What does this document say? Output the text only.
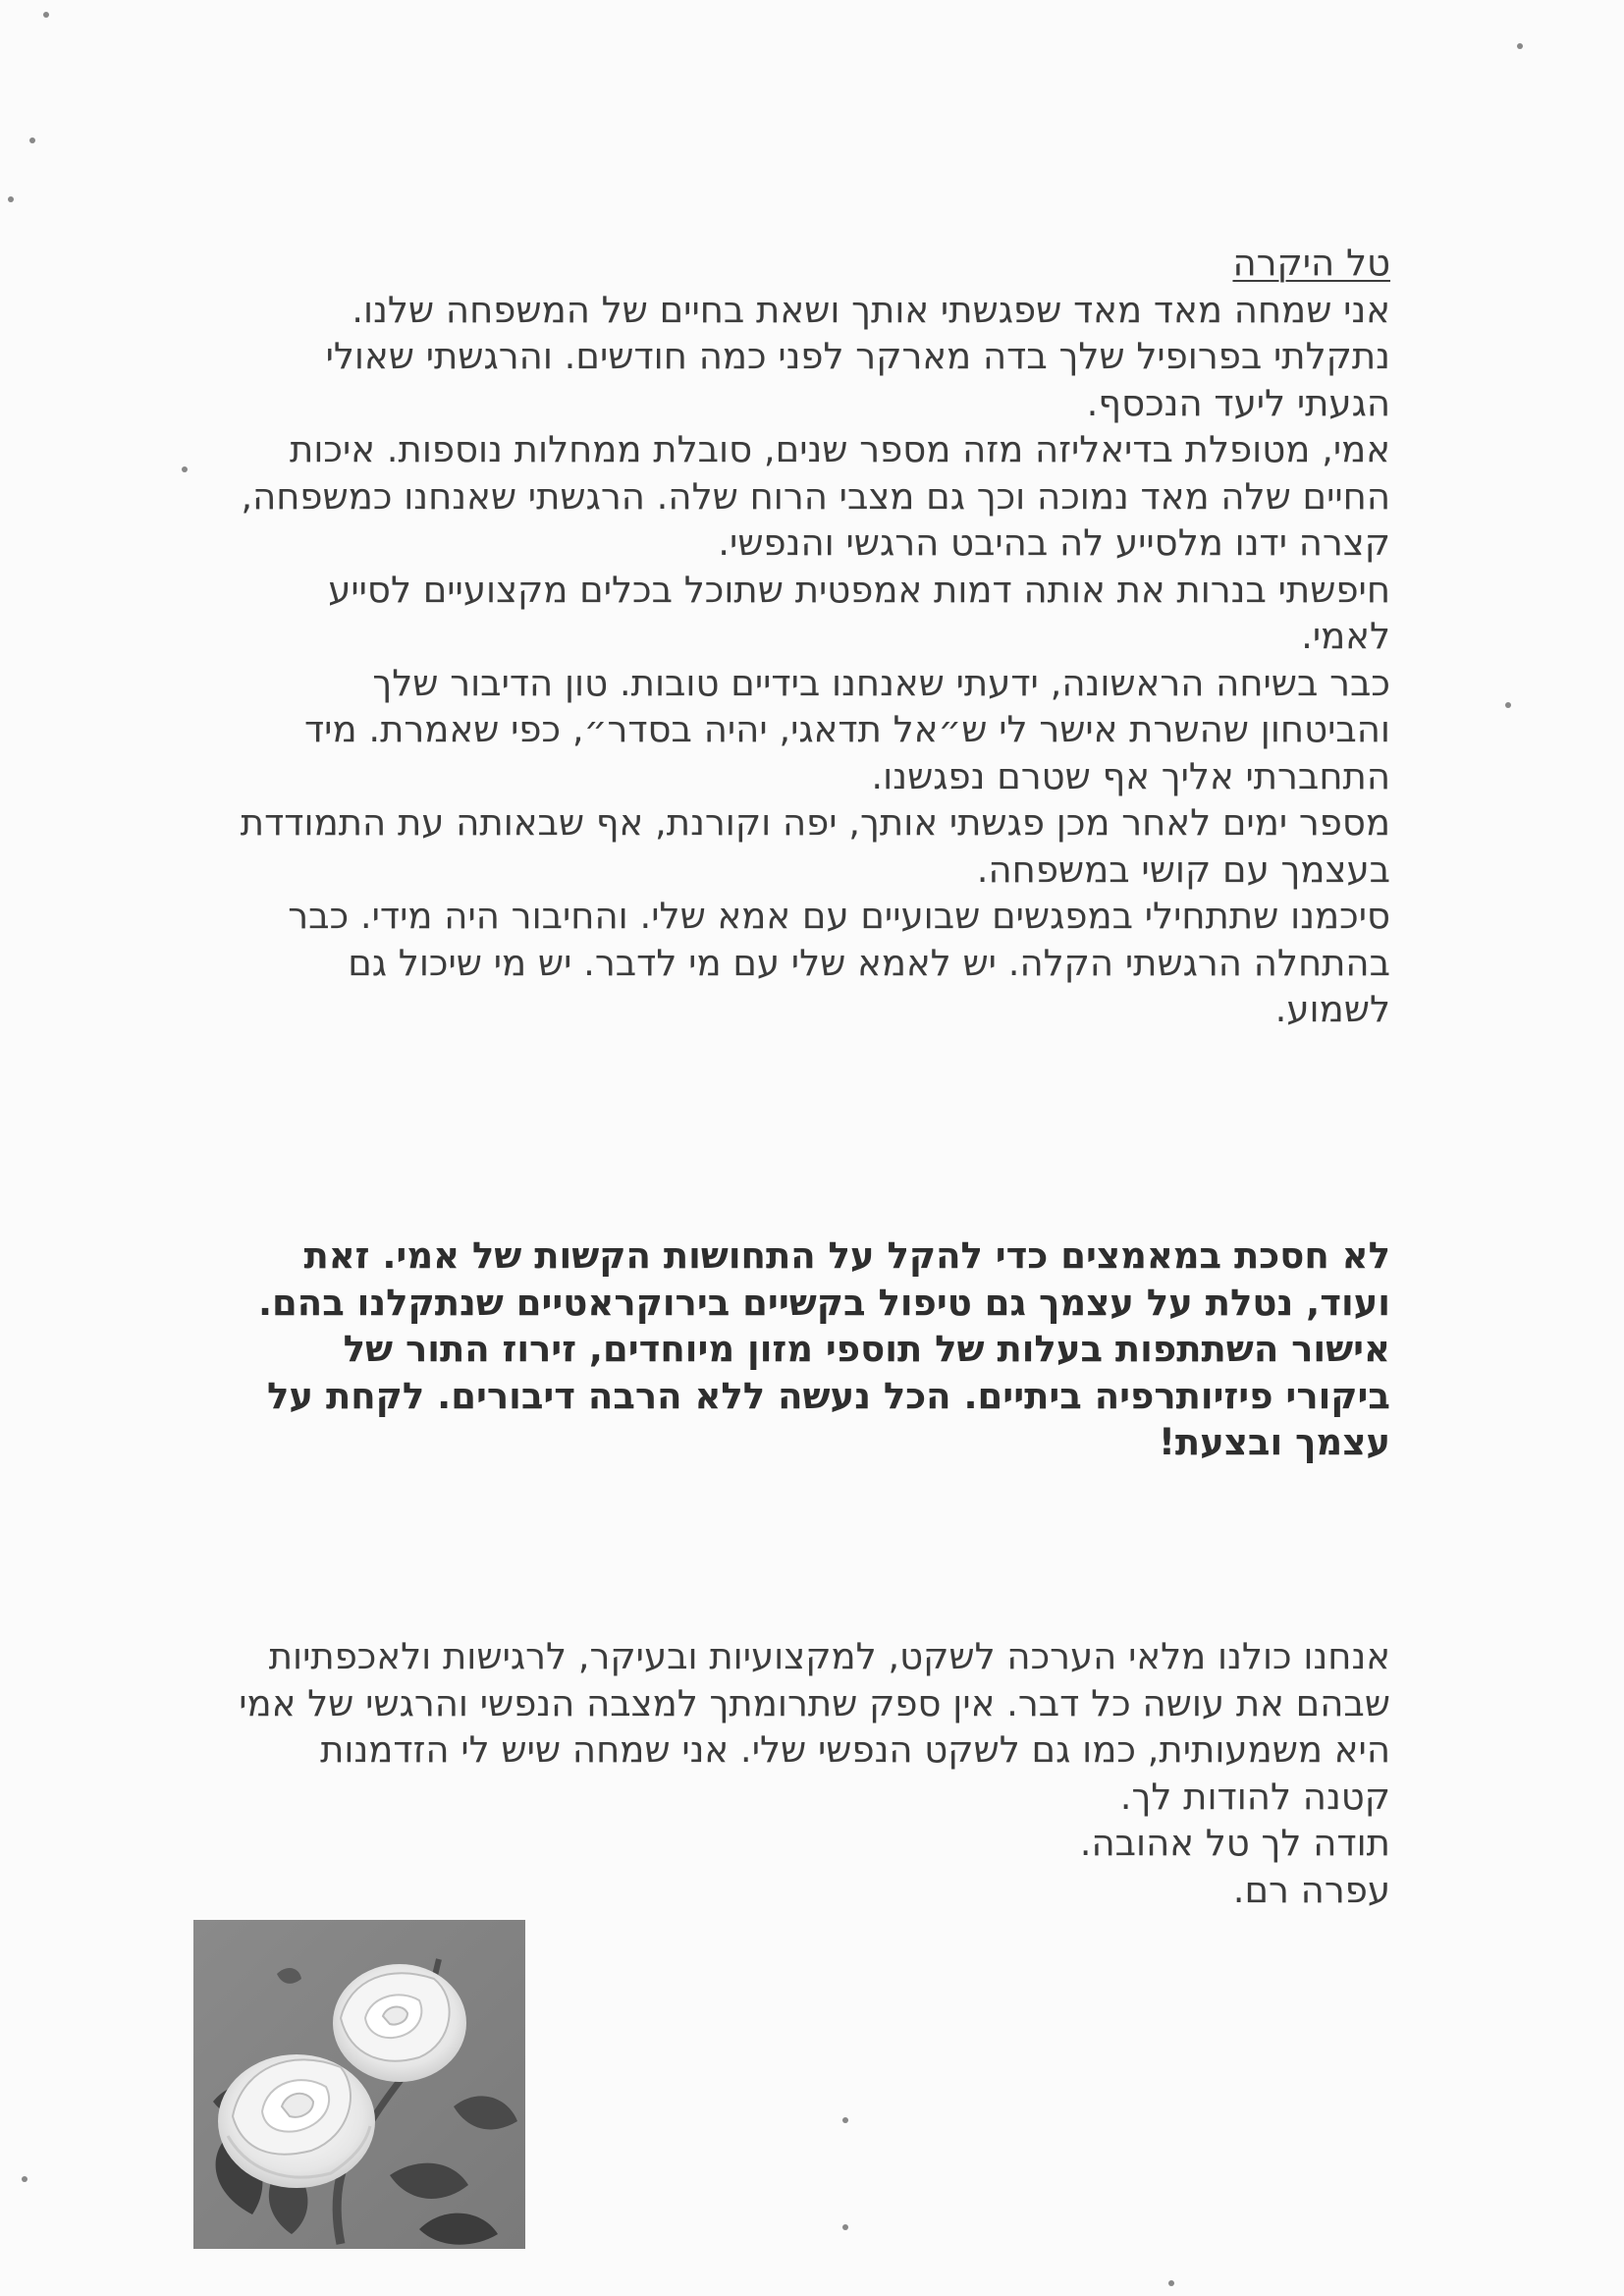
טל היקרה

אני שמחה מאד מאד שפגשתי אותך ושאת בחיים של המשפחה שלנו.

נתקלתי בפרופיל שלך בדה מארקר לפני כמה חודשים. והרגשתי שאולי הגעתי ליעד הנכסף.

אמי, מטופלת בדיאליזה מזה מספר שנים, סובלת ממחלות נוספות. איכות החיים שלה מאד נמוכה וכך גם מצבי הרוח שלה. הרגשתי שאנחנו כמשפחה, קצרה ידנו מלסייע לה בהיבט הרגשי והנפשי.

חיפשתי בנרות את אותה דמות אמפטית שתוכל בכלים מקצועיים לסייע לאמי.

כבר בשיחה הראשונה, ידעתי שאנחנו בידיים טובות. טון הדיבור שלך והביטחון שהשרת אישר לי ש״אל תדאגי, יהיה בסדר״, כפי שאמרת. מיד התחברתי אליך אף שטרם נפגשנו.

מספר ימים לאחר מכן פגשתי אותך, יפה וקורנת, אף שבאותה עת התמודדת בעצמך עם קושי במשפחה.

סיכמנו שתתחילי במפגשים שבועיים עם אמא שלי. והחיבור היה מידי. כבר בהתחלה הרגשתי הקלה. יש לאמא שלי עם מי לדבר. יש מי שיכול גם לשמוע.

לא חסכת במאמצים כדי להקל על התחושות הקשות של אמי. זאת ועוד, נטלת על עצמך גם טיפול בקשיים בירוקראטיים שנתקלנו בהם.

אישור השתתפות בעלות של תוספי מזון מיוחדים, זירוז התור של ביקורי פיזיותרפיה ביתיים. הכל נעשה ללא הרבה דיבורים. לקחת על עצמך ובצעת!

אנחנו כולנו מלאי הערכה לשקט, למקצועיות ובעיקר, לרגישות ולאכפתיות שבהם את עושה כל דבר. אין ספק שתרומתך למצבה הנפשי והרגשי של אמי היא משמעותית, כמו גם לשקט הנפשי שלי. אני שמחה שיש לי הזדמנות קטנה להודות לך.

תודה לך טל אהובה.

עפרה רם.
